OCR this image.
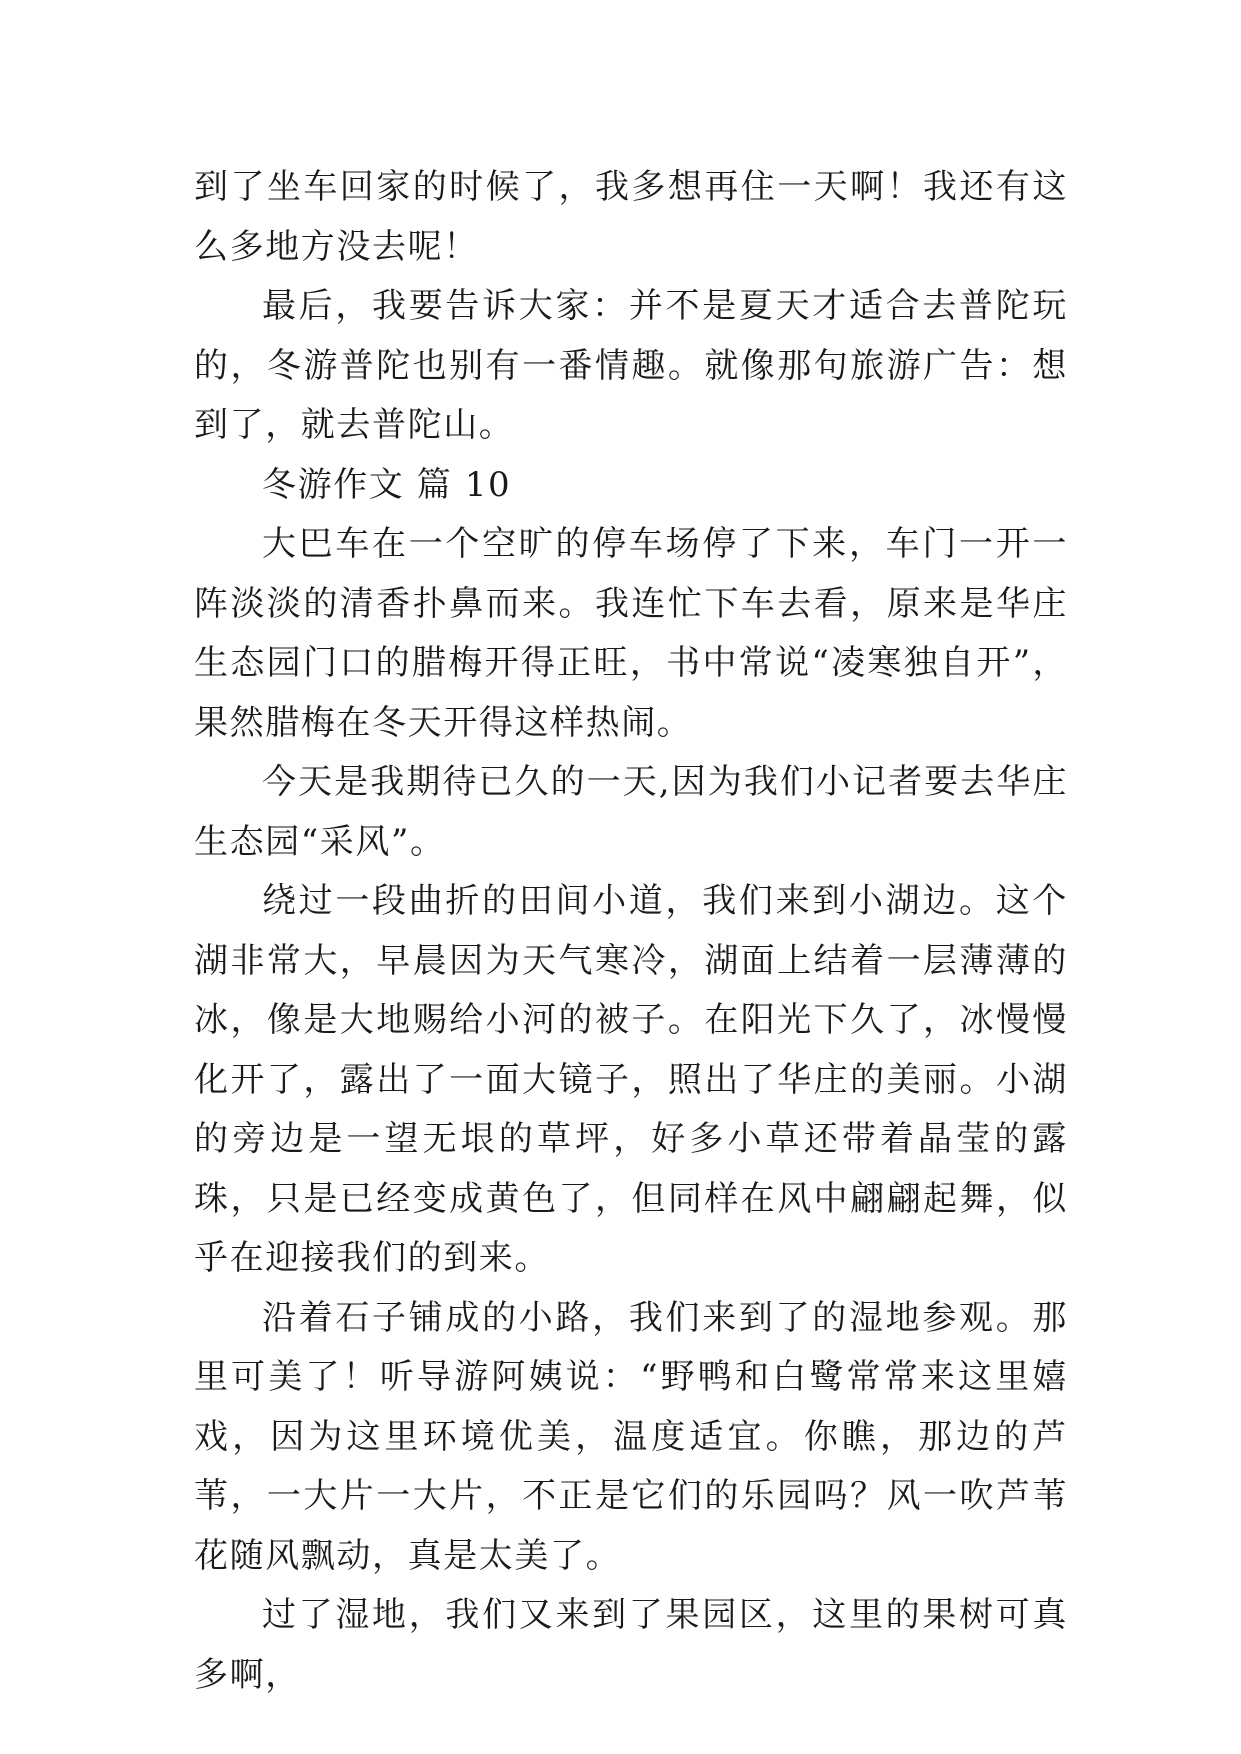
到了坐车回家的时候了，我多想再住一天啊！我还有这么多地方没去呢！

最后，我要告诉大家：并不是夏天才适合去普陀玩的，冬游普陀也别有一番情趣。就像那句旅游广告：想到了，就去普陀山。

冬游作文 篇 10

大巴车在一个空旷的停车场停了下来，车门一开一阵淡淡的清香扑鼻而来。我连忙下车去看，原来是华庄生态园门口的腊梅开得正旺，书中常说“凌寒独自开”，果然腊梅在冬天开得这样热闹。

今天是我期待已久的一天,因为我们小记者要去华庄生态园“采风”。

绕过一段曲折的田间小道，我们来到小湖边。这个湖非常大，早晨因为天气寒冷，湖面上结着一层薄薄的冰，像是大地赐给小河的被子。在阳光下久了，冰慢慢化开了，露出了一面大镜子，照出了华庄的美丽。小湖的旁边是一望无垠的草坪，好多小草还带着晶莹的露珠，只是已经变成黄色了，但同样在风中翩翩起舞，似乎在迎接我们的到来。

沿着石子铺成的小路，我们来到了的湿地参观。那里可美了！听导游阿姨说：“野鸭和白鹭常常来这里嬉戏，因为这里环境优美，温度适宜。你瞧，那边的芦苇，一大片一大片，不正是它们的乐园吗？风一吹芦苇花随风飘动，真是太美了。

过了湿地，我们又来到了果园区，这里的果树可真多啊，
